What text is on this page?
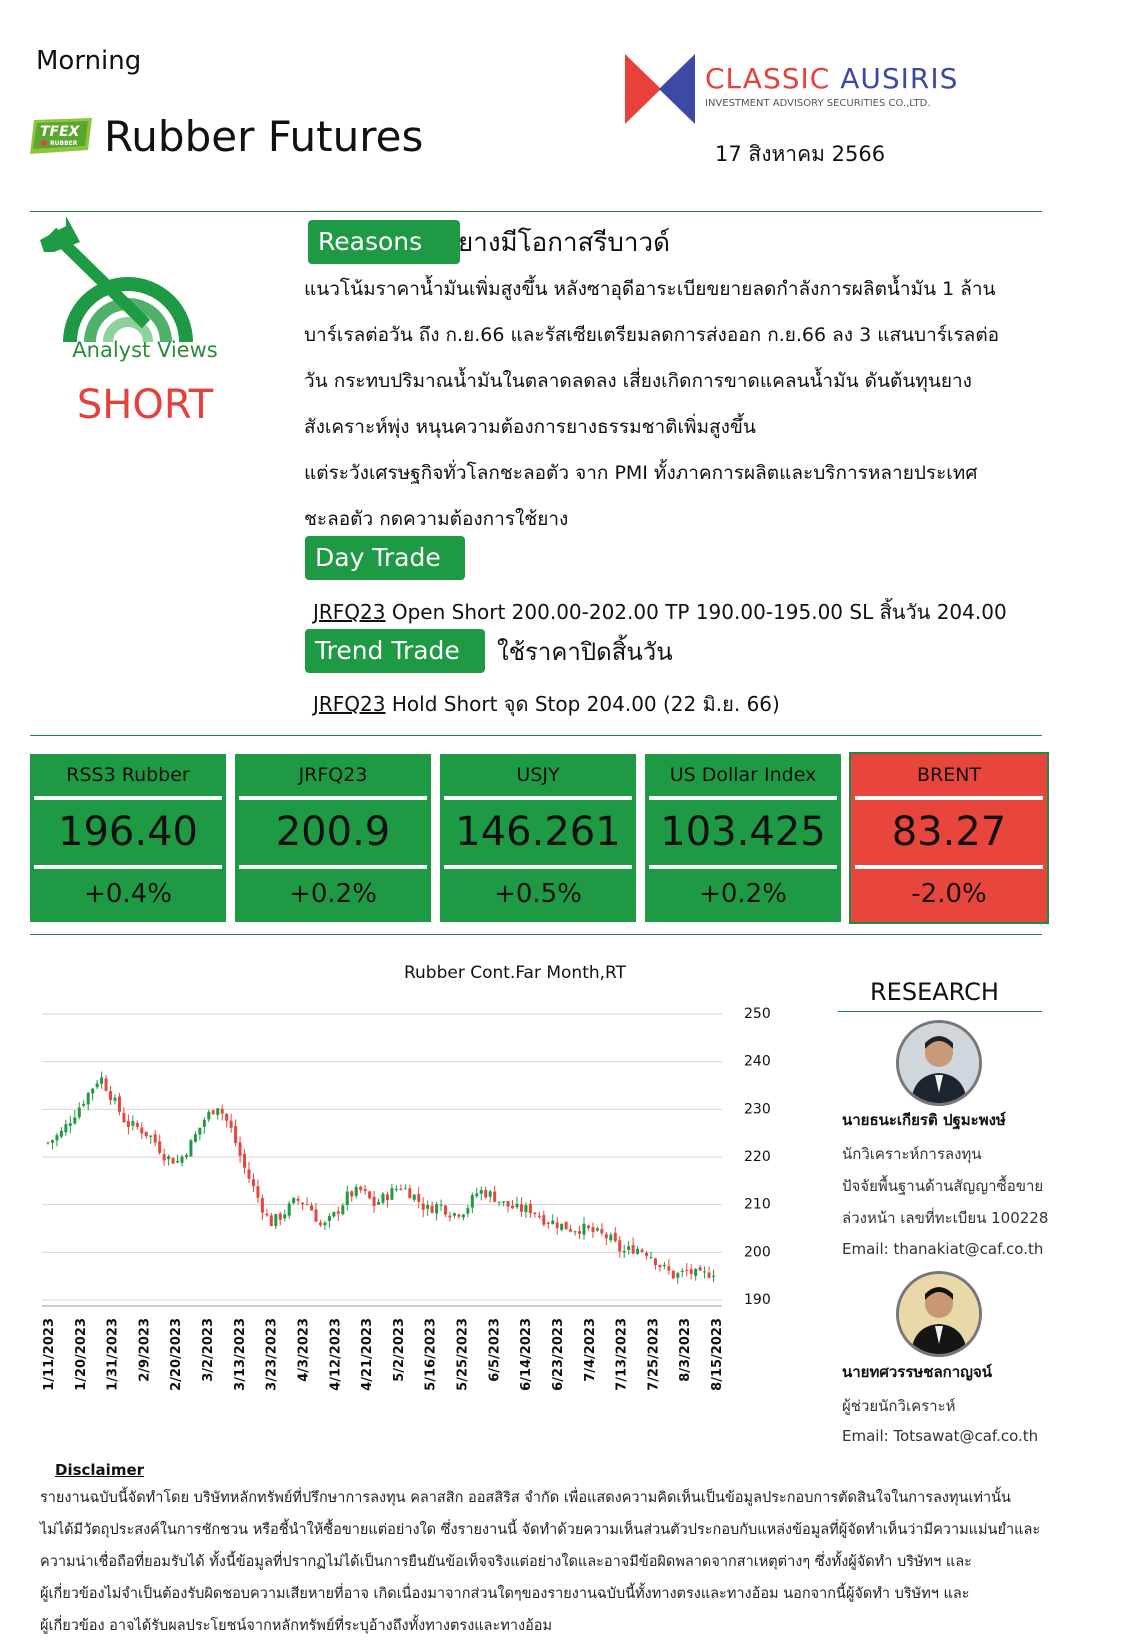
Morning
TFEX
RUBBER Rubber Futures
CLASSIC AUSIRIS
INVESTMENT ADVISORY SECURITIES CO.,LTD.
17 สิงหาคม 2566
Analyst Views
SHORT
Reasons	ยางมีโอกาสรีบาวด์
แนวโน้มราคาน้ำมันเพิ่มสูงขึ้น หลังซาอุดีอาระเบียขยายลดกำลังการผลิตน้ำมัน 1 ล้าน
บาร์เรลต่อวัน ถึง ก.ย.66 และรัสเซียเตรียมลดการส่งออก ก.ย.66 ลง 3 แสนบาร์เรลต่อ
วัน กระทบปริมาณน้ำมันในตลาดลดลง เสี่ยงเกิดการขาดแคลนน้ำมัน ดันต้นทุนยาง
สังเคราะห์พุ่ง หนุนความต้องการยางธรรมชาติเพิ่มสูงขึ้น
แต่ระวังเศรษฐกิจทั่วโลกชะลอตัว จาก PMI ทั้งภาคการผลิตและบริการหลายประเทศ
ชะลอตัว กดความต้องการใช้ยาง
Day Trade
JRFQ23 Open Short 200.00-202.00 TP 190.00-195.00 SL สิ้นวัน 204.00
Trend Trade	ใช้ราคาปิดสิ้นวัน
JRFQ23 Hold Short จุด Stop 204.00 (22 มิ.ย. 66)
RSS3 Rubber
196.40
+0.4%
JRFQ23
200.9
+0.2%
USJY
146.261
+0.5%
US Dollar Index
103.425
+0.2%
BRENT
83.27
-2.0%
Rubber Cont.Far Month,RT
250
240
230
220
210
200
190
1/11/2023 1/20/2023 1/31/2023 2/9/2023 2/20/2023 3/2/2023 3/13/2023 3/23/2023 4/3/2023 4/12/2023 4/21/2023 5/2/2023 5/16/2023 5/25/2023 6/5/2023 6/14/2023 6/23/2023 7/4/2023 7/13/2023 7/25/2023 8/3/2023 8/15/2023
RESEARCH
นายธนะเกียรติ ปฐมะพงษ์
นักวิเคราะห์การลงทุน
ปัจจัยพื้นฐานด้านสัญญาซื้อขาย
ล่วงหน้า เลขที่ทะเบียน 100228
Email: thanakiat@caf.co.th
นายทศวรรษชลกาญจน์
ผู้ช่วยนักวิเคราะห์
Email: Totsawat@caf.co.th
Disclaimer
รายงานฉบับนี้จัดทำโดย บริษัทหลักทรัพย์ที่ปรึกษาการลงทุน คลาสสิก ออสสิริส จำกัด เพื่อแสดงความคิดเห็นเป็นข้อมูลประกอบการตัดสินใจในการลงทุนเท่านั้น
ไม่ได้มีวัตถุประสงค์ในการชักชวน หรือชี้นำให้ซื้อขายแต่อย่างใด ซึ่งรายงานนี้ จัดทำด้วยความเห็นส่วนตัวประกอบกับแหล่งข้อมูลที่ผู้จัดทำเห็นว่ามีความแม่นยำและ
ความน่าเชื่อถือที่ยอมรับได้ ทั้งนี้ข้อมูลที่ปรากฏไม่ได้เป็นการยืนยันข้อเท็จจริงแต่อย่างใดและอาจมีข้อผิดพลาดจากสาเหตุต่างๆ ซึ่งทั้งผู้จัดทำ บริษัทฯ และ
ผู้เกี่ยวข้องไม่จำเป็นต้องรับผิดชอบความเสียหายที่อาจ เกิดเนื่องมาจากส่วนใดๆของรายงานฉบับนี้ทั้งทางตรงและทางอ้อม นอกจากนี้ผู้จัดทำ บริษัทฯ และ
ผู้เกี่ยวข้อง อาจได้รับผลประโยชน์จากหลักทรัพย์ที่ระบุอ้างถึงทั้งทางตรงและทางอ้อม
